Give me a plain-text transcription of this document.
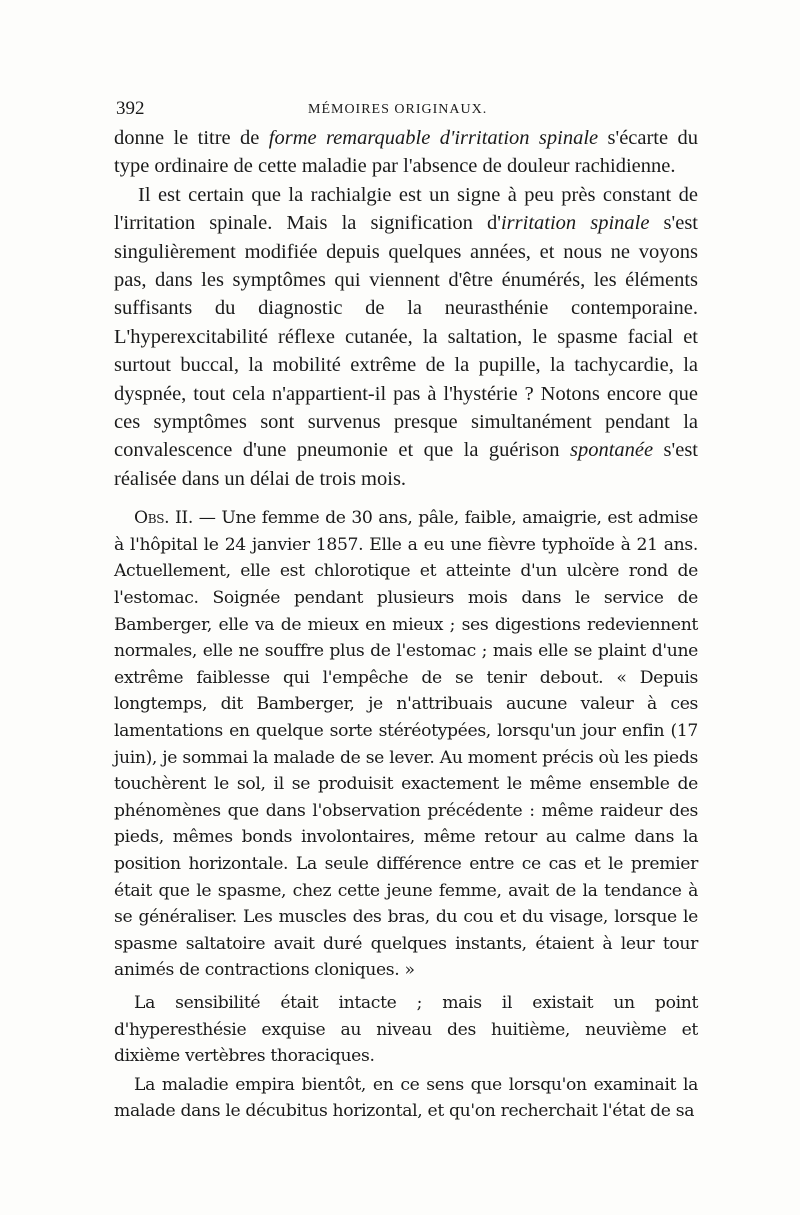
392	MÉMOIRES ORIGINAUX.

donne le titre de forme remarquable d'irritation spinale s'écarte du type ordinaire de cette maladie par l'absence de douleur rachidienne.

Il est certain que la rachialgie est un signe à peu près constant de l'irritation spinale. Mais la signification d'irritation spinale s'est singulièrement modifiée depuis quelques années, et nous ne voyons pas, dans les symptômes qui viennent d'être énumérés, les éléments suffisants du diagnostic de la neurasthénie contemporaine. L'hyperexcitabilité réflexe cutanée, la saltation, le spasme facial et surtout buccal, la mobilité extrême de la pupille, la tachycardie, la dyspnée, tout cela n'appartient-il pas à l'hystérie ? Notons encore que ces symptômes sont survenus presque simultanément pendant la convalescence d'une pneumonie et que la guérison spontanée s'est réalisée dans un délai de trois mois.

Obs. II. — Une femme de 30 ans, pâle, faible, amaigrie, est admise à l'hôpital le 24 janvier 1857. Elle a eu une fièvre typhoïde à 21 ans. Actuellement, elle est chlorotique et atteinte d'un ulcère rond de l'estomac. Soignée pendant plusieurs mois dans le service de Bamberger, elle va de mieux en mieux ; ses digestions redeviennent normales, elle ne souffre plus de l'estomac ; mais elle se plaint d'une extrême faiblesse qui l'empêche de se tenir debout. « Depuis longtemps, dit Bamberger, je n'attribuais aucune valeur à ces lamentations en quelque sorte stéréotypées, lorsqu'un jour enfin (17 juin), je sommai la malade de se lever. Au moment précis où les pieds touchèrent le sol, il se produisit exactement le même ensemble de phénomènes que dans l'observation précédente : même raideur des pieds, mêmes bonds involontaires, même retour au calme dans la position horizontale. La seule différence entre ce cas et le premier était que le spasme, chez cette jeune femme, avait de la tendance à se généraliser. Les muscles des bras, du cou et du visage, lorsque le spasme saltatoire avait duré quelques instants, étaient à leur tour animés de contractions cloniques. »

La sensibilité était intacte ; mais il existait un point d'hyperesthésie exquise au niveau des huitième, neuvième et dixième vertèbres thoraciques.

La maladie empira bientôt, en ce sens que lorsqu'on examinait la malade dans le décubitus horizontal, et qu'on recherchait l'état de sa
